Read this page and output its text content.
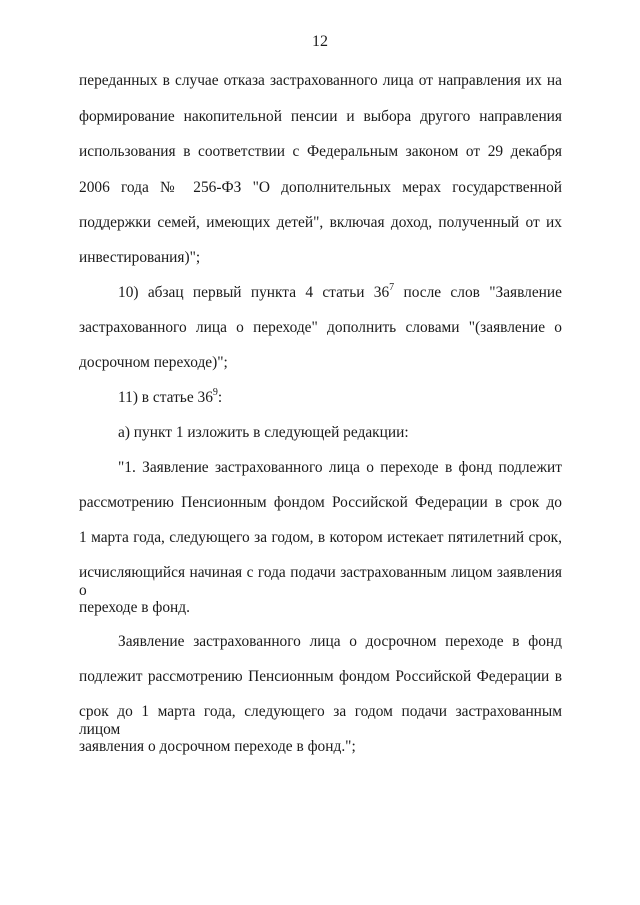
12
переданных в случае отказа застрахованного лица от направления их на
формирование накопительной пенсии и выбора другого направления
использования в соответствии с Федеральным законом от 29 декабря
2006 года № 256-ФЗ "О дополнительных мерах государственной
поддержки семей, имеющих детей", включая доход, полученный от их
инвестирования)";
10) абзац первый пункта 4 статьи $36^7$ после слов "Заявление
застрахованного лица о переходе" дополнить словами "(заявление о
досрочном переходе)";
11) в статье $36^9$:
а) пункт 1 изложить в следующей редакции:
"1. Заявление застрахованного лица о переходе в фонд подлежит
рассмотрению Пенсионным фондом Российской Федерации в срок до
1 марта года, следующего за годом, в котором истекает пятилетний срок,
исчисляющийся начиная с года подачи застрахованным лицом заявления о
переходе в фонд.
Заявление застрахованного лица о досрочном переходе в фонд
подлежит рассмотрению Пенсионным фондом Российской Федерации в
срок до 1 марта года, следующего за годом подачи застрахованным лицом
заявления о досрочном переходе в фонд.";
